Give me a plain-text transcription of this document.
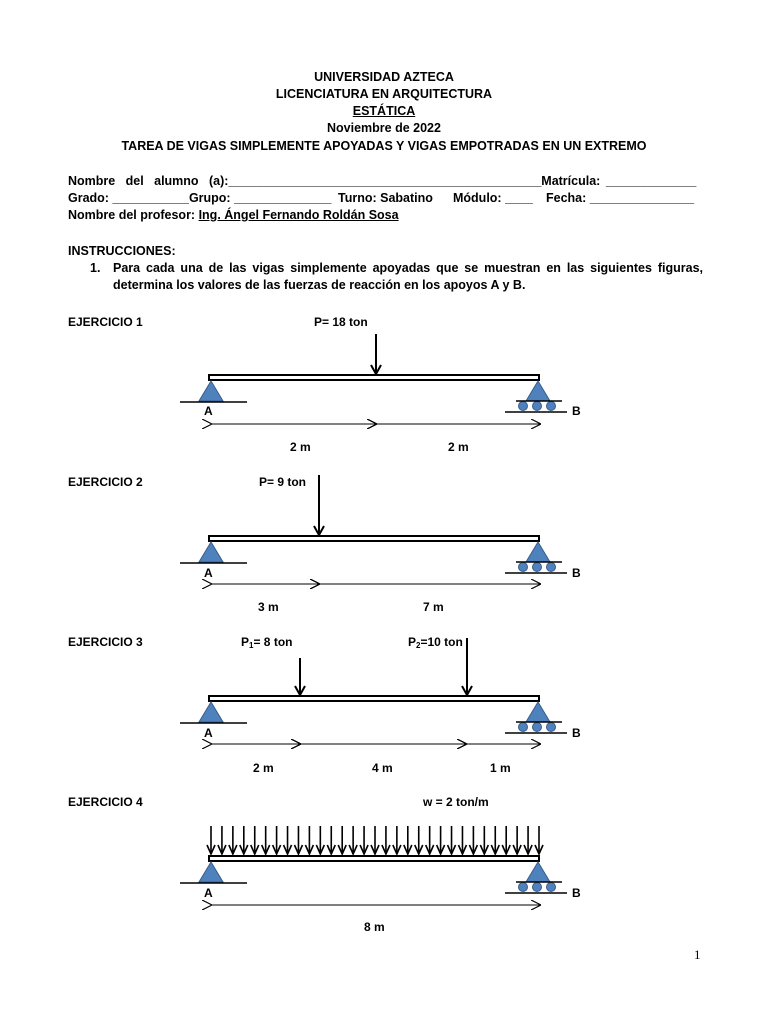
UNIVERSIDAD AZTECA
LICENCIATURA EN ARQUITECTURA
ESTÁTICA
Noviembre de 2022
TAREA DE VIGAS SIMPLEMENTE APOYADAS Y VIGAS EMPOTRADAS EN UN EXTREMO
Nombre   del   alumno   (a):_____________________________________________Matrícula: _____________
Grado: ___________Grupo: ______________ Turno: Sabatino Módulo: ____ Fecha: _______________
Nombre del profesor: Ing. Ángel Fernando Roldán Sosa
INSTRUCCIONES:
1. Para cada una de las vigas simplemente apoyadas que se muestran en las siguientes figuras, determina los valores de las fuerzas de reacción en los apoyos A y B.
EJERCICIO 1	P= 18 ton
EJERCICIO 2	P= 9 ton
EJERCICIO 3	$P_1= 8$ ton	$P_2=10$ ton
EJERCICIO 4	w = 2 ton/m
A	B
2 m	2 m
A	B
3 m	7 m
A	B
2 m	4 m	1 m
A	B
8 m
1
